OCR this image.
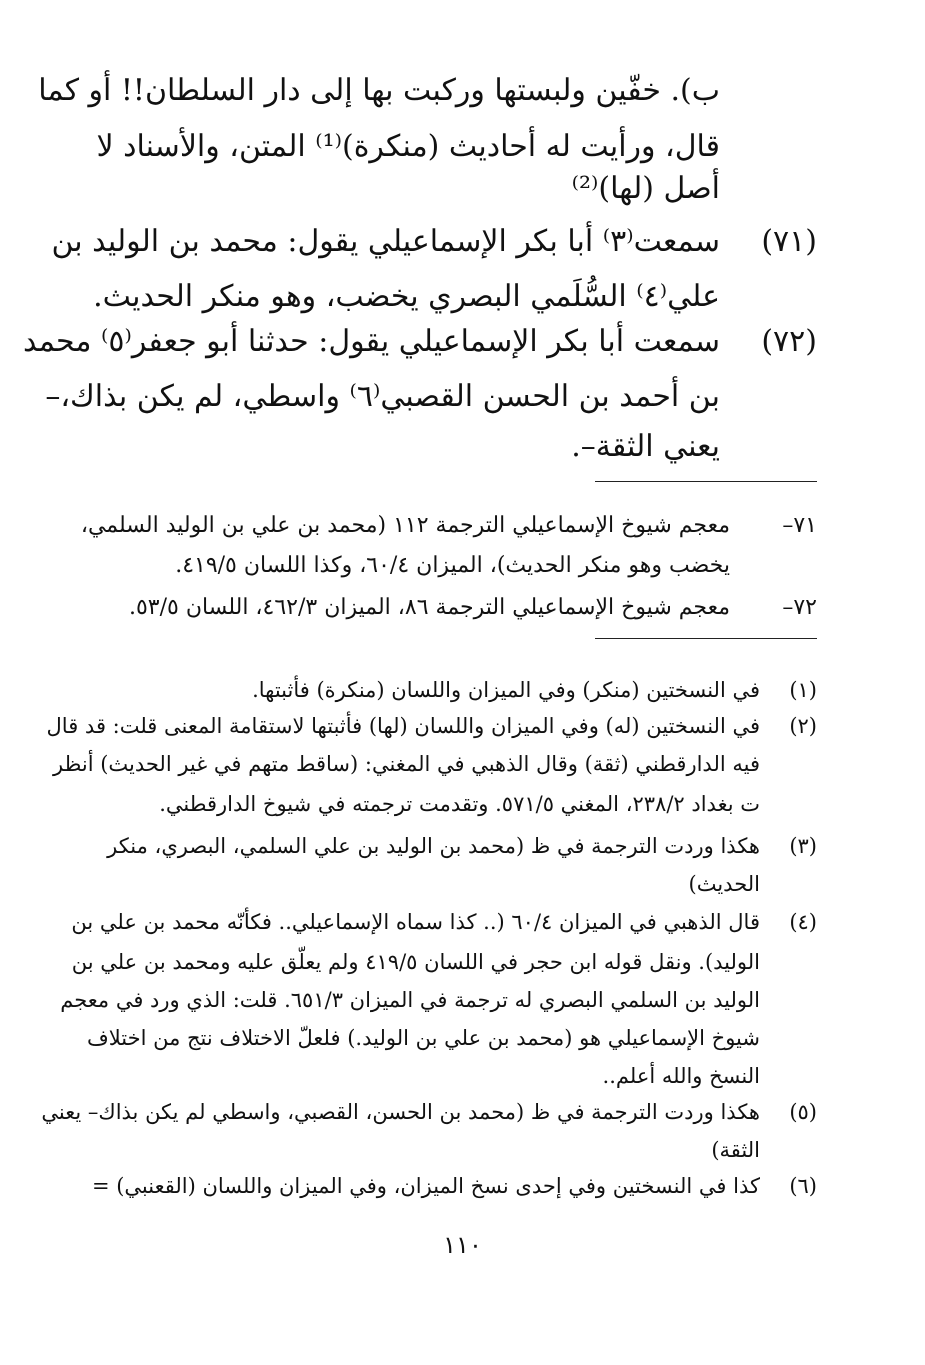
ب). خفّين ولبستها وركبت بها إلى دار السلطان!! أو كما
قال، ورأيت له أحاديث (منكرة)⁽¹⁾ المتن، والأسناد لا
أصل (لها)⁽²⁾
(٧١)
سمعت⁽٣⁾ أبا بكر الإسماعيلي يقول: محمد بن الوليد بن
علي⁽٤⁾ السُّلَمي البصري يخضب، وهو منكر الحديث.
(٧٢)
سمعت أبا بكر الإسماعيلي يقول: حدثنا أبو جعفر⁽٥⁾ محمد
بن أحمد بن الحسن القصبي⁽٦⁾ واسطي، لم يكن بذاك،–
يعني الثقة–.
٧١–
معجم شيوخ الإسماعيلي الترجمة ١١٢ (محمد بن علي بن الوليد السلمي،
يخضب وهو منكر الحديث)، الميزان ٦٠/٤، وكذا اللسان ٤١٩/٥.
٧٢–
معجم شيوخ الإسماعيلي الترجمة ٨٦، الميزان ٤٦٢/٣، اللسان ٥٣/٥.
(١)
في النسختين (منكر) وفي الميزان واللسان (منكرة) فأثبتها.
(٢)
في النسختين (له) وفي الميزان واللسان (لها) فأثبتها لاستقامة المعنى قلت: قد قال
فيه الدارقطني (ثقة) وقال الذهبي في المغني: (ساقط متهم في غير الحديث) أنظر
ت بغداد ٢٣٨/٢، المغني ٥٧١/٥. وتقدمت ترجمته في شيوخ الدارقطني.
(٣)
هكذا وردت الترجمة في ظ (محمد بن الوليد بن علي السلمي، البصري، منكر
الحديث)
(٤)
قال الذهبي في الميزان ٦٠/٤ (.. كذا سماه الإسماعيلي.. فكأنّه محمد بن علي بن
الوليد). ونقل قوله ابن حجر في اللسان ٤١٩/٥ ولم يعلّق عليه ومحمد بن علي بن
الوليد بن السلمي البصري له ترجمة في الميزان ٦٥١/٣. قلت: الذي ورد في معجم
شيوخ الإسماعيلي هو (محمد بن علي بن الوليد.) فلعلّ الاختلاف نتج من اختلاف
النسخ والله أعلم..
(٥)
هكذا وردت الترجمة في ظ (محمد بن الحسن، القصبي، واسطي لم يكن بذاك– يعني
الثقة)
(٦)
كذا في النسختين وفي إحدى نسخ الميزان، وفي الميزان واللسان (القعنبي) =
١١٠
